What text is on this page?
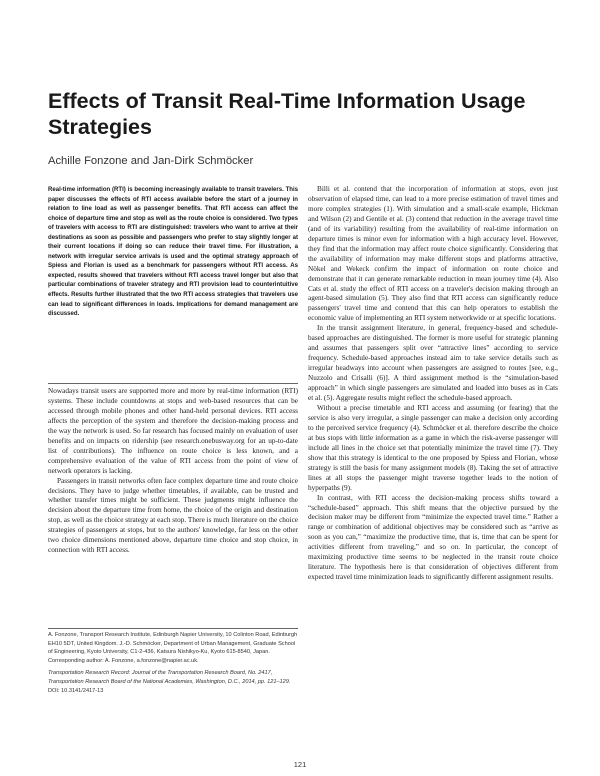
Effects of Transit Real-Time Information Usage Strategies
Achille Fonzone and Jan-Dirk Schmöcker

Real-time information (RTI) is becoming increasingly available to transit travelers. This paper discusses the effects of RTI access available before the start of a journey in relation to line load as well as passenger benefits. That RTI access can affect the choice of departure time and stop as well as the route choice is considered. Two types of travelers with access to RTI are distinguished: travelers who want to arrive at their destinations as soon as possible and passengers who prefer to stay slightly longer at their current locations if doing so can reduce their travel time. For illustration, a network with irregular service arrivals is used and the optimal strategy approach of Spiess and Florian is used as a benchmark for passengers without RTI access. As expected, results showed that travelers without RTI access travel longer but also that particular combinations of traveler strategy and RTI provision lead to counterintuitive effects. Results further illustrated that the two RTI access strategies that travelers use can lead to significant differences in loads. Implications for demand management are discussed.

Nowadays transit users are supported more and more by real-time information (RTI) systems. These include countdowns at stops and web-based resources that can be accessed through mobile phones and other hand-held personal devices. RTI access affects the perception of the system and therefore the decision-making process and the way the network is used. So far research has focused mainly on evaluation of user benefits and on impacts on ridership (see research.onebusway.org for an up-to-date list of contributions). The influence on route choice is less known, and a comprehensive evaluation of the value of RTI access from the point of view of network operators is lacking.

Passengers in transit networks often face complex departure time and route choice decisions. They have to judge whether timetables, if available, can be trusted and whether transfer times might be sufficient. These judgments might influence the decision about the departure time from home, the choice of the origin and destination stop, as well as the choice strategy at each stop. There is much literature on the choice strategies of passengers at stops, but to the authors' knowledge, far less on the other two choice dimensions mentioned above, departure time choice and stop choice, in connection with RTI access.

A. Fonzone, Transport Research Institute, Edinburgh Napier University, 10 Colinton Road, Edinburgh EH10 5DT, United Kingdom. J.-D. Schmöcker, Department of Urban Management, Graduate School of Engineering, Kyoto University, C1-2-436, Katsura Nishikyo-Ku, Kyoto 615-8540, Japan. Corresponding author: A. Fonzone, a.fonzone@napier.ac.uk.

Transportation Research Record: Journal of the Transportation Research Board, No. 2417, Transportation Research Board of the National Academies, Washington, D.C., 2014, pp. 121–129.

DOI: 10.3141/2417-13

Billi et al. contend that the incorporation of information at stops, even just observation of elapsed time, can lead to a more precise estimation of travel times and more complex strategies (1). With simulation and a small-scale example, Hickman and Wilson (2) and Gentile et al. (3) contend that reduction in the average travel time (and of its variability) resulting from the availability of real-time information on departure times is minor even for information with a high accuracy level. However, they find that the information may affect route choice significantly. Considering that the availability of information may make different stops and platforms attractive, Nökel and Wekeck confirm the impact of information on route choice and demonstrate that it can generate remarkable reduction in mean journey time (4). Also Cats et al. study the effect of RTI access on a traveler's decision making through an agent-based simulation (5). They also find that RTI access can significantly reduce passengers' travel time and contend that this can help operators to establish the economic value of implementing an RTI system networkwide or at specific locations.

In the transit assignment literature, in general, frequency-based and schedule-based approaches are distinguished. The former is more useful for strategic planning and assumes that passengers split over “attractive lines” according to service frequency. Schedule-based approaches instead aim to take service details such as irregular headways into account when passengers are assigned to routes [see, e.g., Nuzzolo and Crisalli (6)]. A third assignment method is the “simulation-based approach” in which single passengers are simulated and loaded into buses as in Cats et al. (5). Aggregate results might reflect the schedule-based approach.

Without a precise timetable and RTI access and assuming (or fearing) that the service is also very irregular, a single passenger can make a decision only according to the perceived service frequency (4). Schmöcker et al. therefore describe the choice at bus stops with little information as a game in which the risk-averse passenger will include all lines in the choice set that potentially minimize the travel time (7). They show that this strategy is identical to the one proposed by Spiess and Florian, whose strategy is still the basis for many assignment models (8). Taking the set of attractive lines at all stops the passenger might traverse together leads to the notion of hyperpaths (9).

In contrast, with RTI access the decision-making process shifts toward a “schedule-based” approach. This shift means that the objective pursued by the decision maker may be different from “minimize the expected travel time.” Rather a range or combination of additional objectives may be considered such as “arrive as soon as you can,” “maximize the productive time, that is, time that can be spent for activities different from traveling,” and so on. In particular, the concept of maximizing productive time seems to be neglected in the transit route choice literature. The hypothesis here is that consideration of objectives different from expected travel time minimization leads to significantly different assignment results.

121
